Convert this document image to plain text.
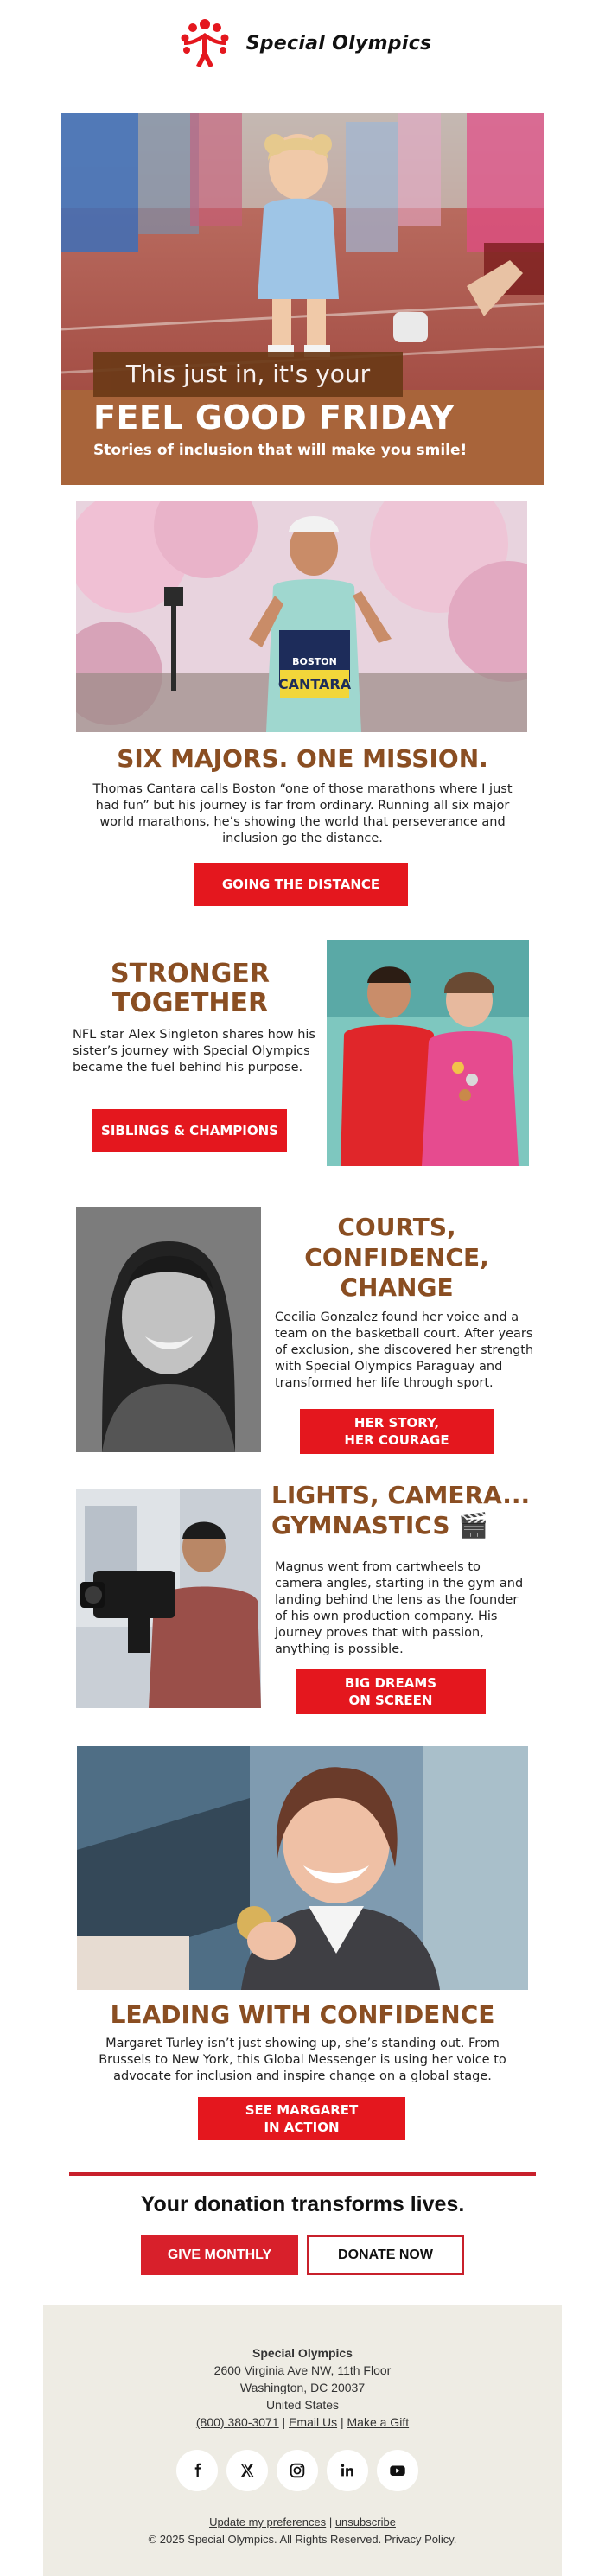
Special Olympics
This just in, it's your
FEEL GOOD FRIDAY
Stories of inclusion that will make you smile!
CANTARA
BOSTON
SIX MAJORS. ONE MISSION.
Thomas Cantara calls Boston “one of those marathons where I just had fun” but his journey is far from ordinary. Running all six major world marathons, he’s showing the world that perseverance and inclusion go the distance.
GOING THE DISTANCE
STRONGER
TOGETHER
NFL star Alex Singleton shares how his sister’s journey with Special Olympics became the fuel behind his purpose.
SIBLINGS & CHAMPIONS
COURTS,
CONFIDENCE,
CHANGE
Cecilia Gonzalez found her voice and a team on the basketball court. After years of exclusion, she discovered her strength with Special Olympics Paraguay and transformed her life through sport.
HER STORY,
HER COURAGE
LIGHTS, CAMERA...
GYMNASTICS 🎬
Magnus went from cartwheels to camera angles, starting in the gym and landing behind the lens as the founder of his own production company. His journey proves that with passion, anything is possible.
BIG DREAMS
ON SCREEN
LEADING WITH CONFIDENCE
Margaret Turley isn’t just showing up, she’s standing out. From Brussels to New York, this Global Messenger is using her voice to advocate for inclusion and inspire change on a global stage.
SEE MARGARET
IN ACTION
Your donation transforms lives.
GIVE MONTHLY	DONATE NOW
Special Olympics
2600 Virginia Ave NW, 11th Floor
Washington, DC 20037
United States
(800) 380-3071 | Email Us | Make a Gift
Update my preferences | unsubscribe
© 2025 Special Olympics. All Rights Reserved. Privacy Policy.
